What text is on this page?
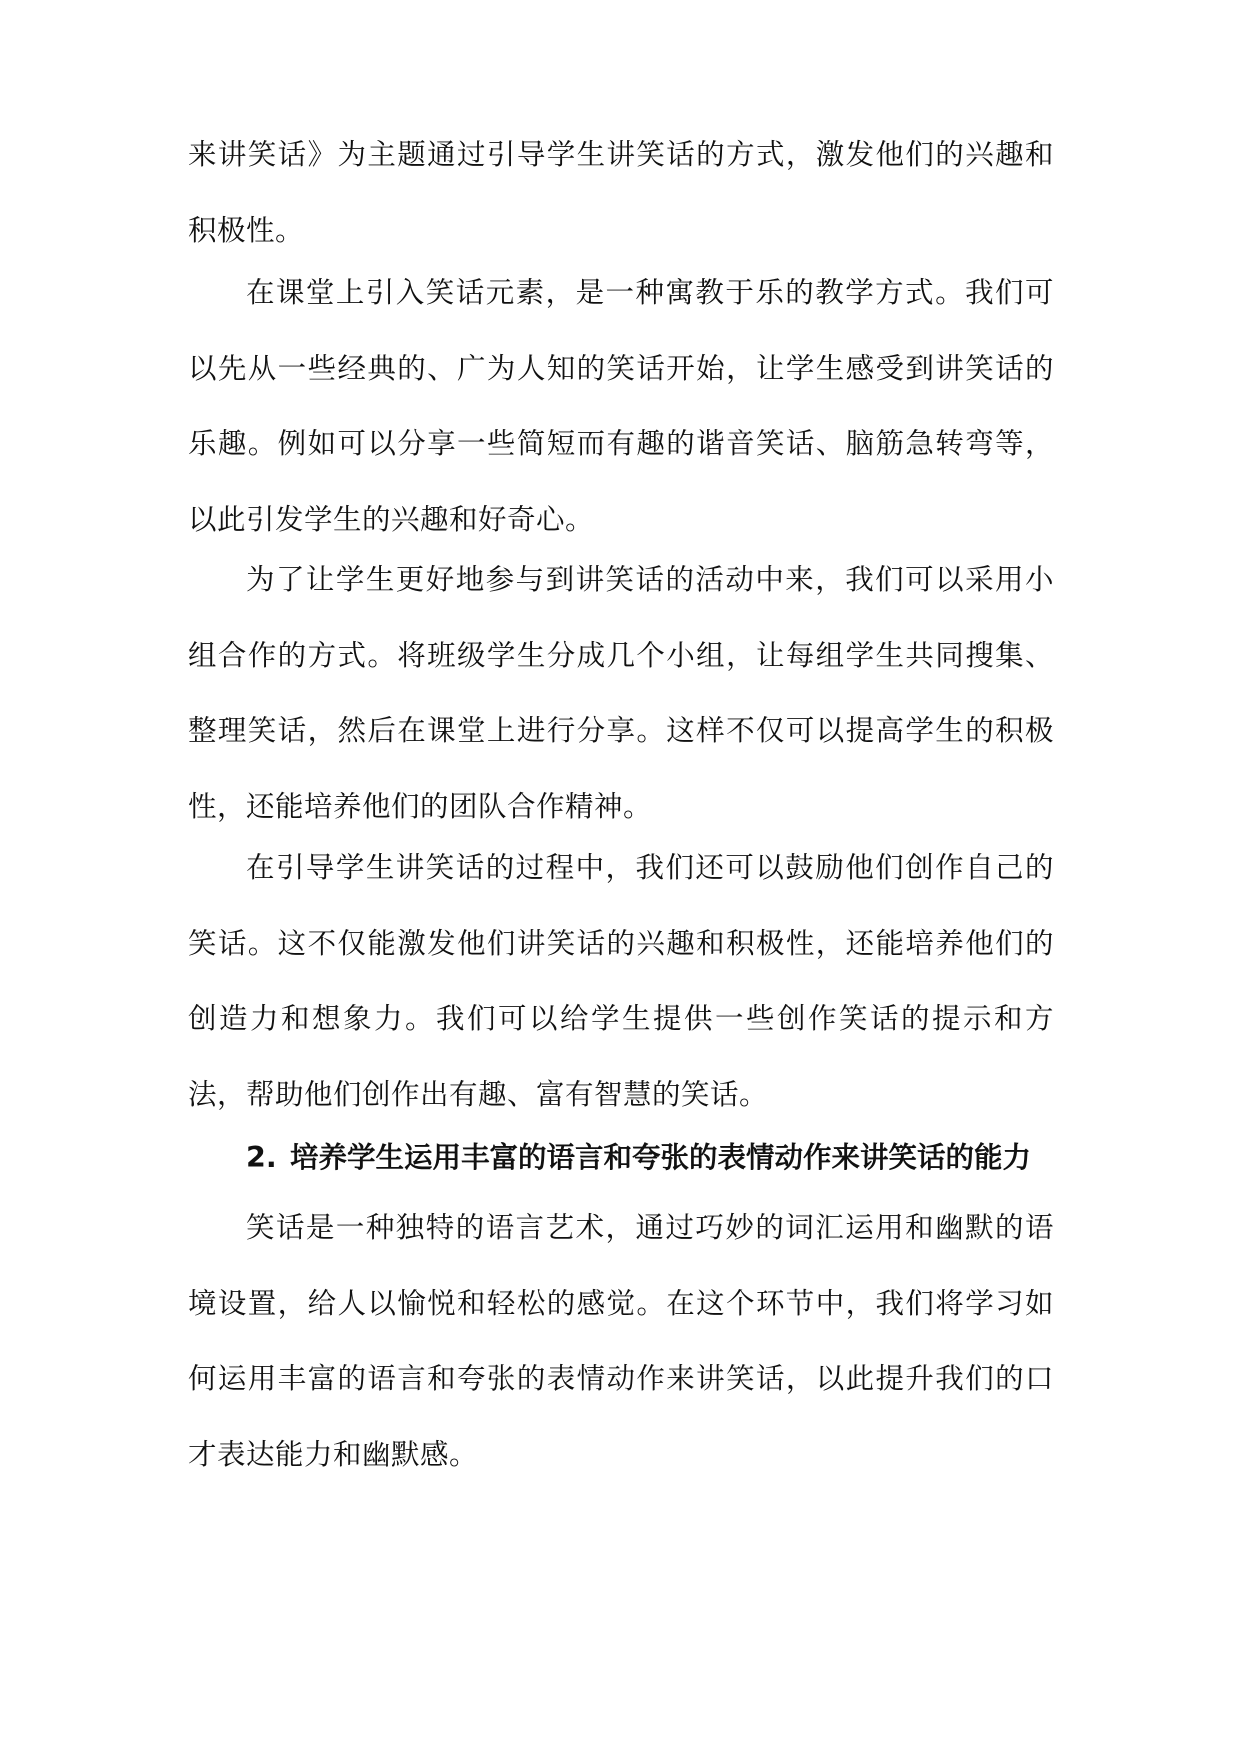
来讲笑话》为主题通过引导学生讲笑话的方式，激发他们的兴趣和积极性。

在课堂上引入笑话元素，是一种寓教于乐的教学方式。我们可以先从一些经典的、广为人知的笑话开始，让学生感受到讲笑话的乐趣。例如可以分享一些简短而有趣的谐音笑话、脑筋急转弯等，以此引发学生的兴趣和好奇心。

为了让学生更好地参与到讲笑话的活动中来，我们可以采用小组合作的方式。将班级学生分成几个小组，让每组学生共同搜集、整理笑话，然后在课堂上进行分享。这样不仅可以提高学生的积极性，还能培养他们的团队合作精神。

在引导学生讲笑话的过程中，我们还可以鼓励他们创作自己的笑话。这不仅能激发他们讲笑话的兴趣和积极性，还能培养他们的创造力和想象力。我们可以给学生提供一些创作笑话的提示和方法，帮助他们创作出有趣、富有智慧的笑话。

2. 培养学生运用丰富的语言和夸张的表情动作来讲笑话的能力

笑话是一种独特的语言艺术，通过巧妙的词汇运用和幽默的语境设置，给人以愉悦和轻松的感觉。在这个环节中，我们将学习如何运用丰富的语言和夸张的表情动作来讲笑话，以此提升我们的口才表达能力和幽默感。
